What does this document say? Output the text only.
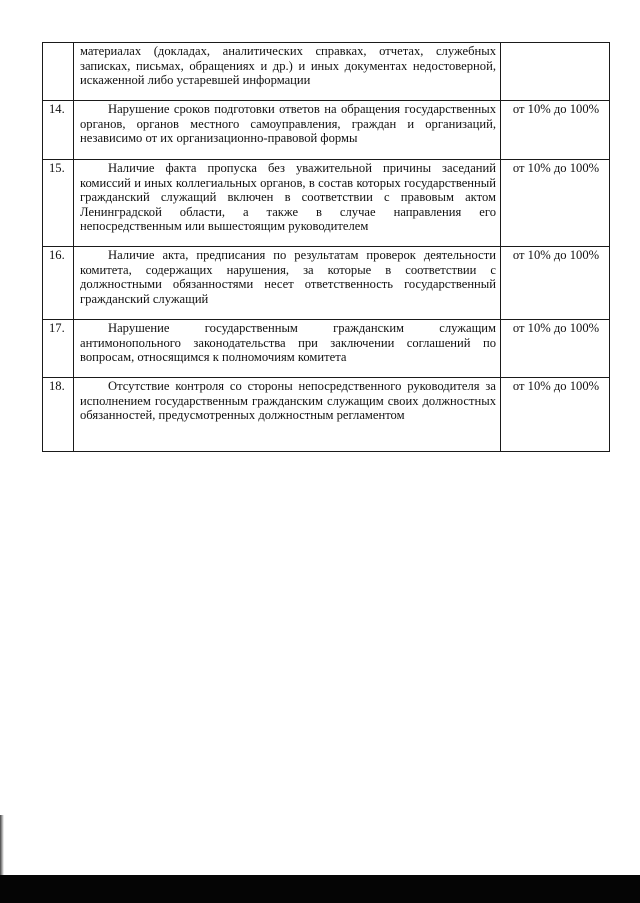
	материалах (докладах, аналитических справках, отчетах, служебных записках, письмах, обращениях и др.) и иных документах недостоверной, искаженной либо устаревшей информации	

14.	Нарушение сроков подготовки ответов на обращения государственных органов, органов местного самоуправления, граждан и организаций, независимо от их организационно-правовой формы	от 10% до 100%
15.	Наличие факта пропуска без уважительной причины заседаний комиссий и иных коллегиальных органов, в состав которых государственный гражданский служащий включен в соответствии с правовым актом Ленинградской области, а также в случае направления его непосредственным или вышестоящим руководителем	от 10% до 100%
16.	Наличие акта, предписания по результатам проверок деятельности комитета, содержащих нарушения, за которые в соответствии с должностными обязанностями несет ответственность государственный гражданский служащий	от 10% до 100%
17.	Нарушение государственным гражданским служащим антимонопольного законодательства при заключении соглашений по вопросам, относящимся к полномочиям комитета	от 10% до 100%
18.	Отсутствие контроля со стороны непосредственного руководителя за исполнением государственным гражданским служащим своих должностных обязанностей, предусмотренных должностным регламентом	от 10% до 100%
